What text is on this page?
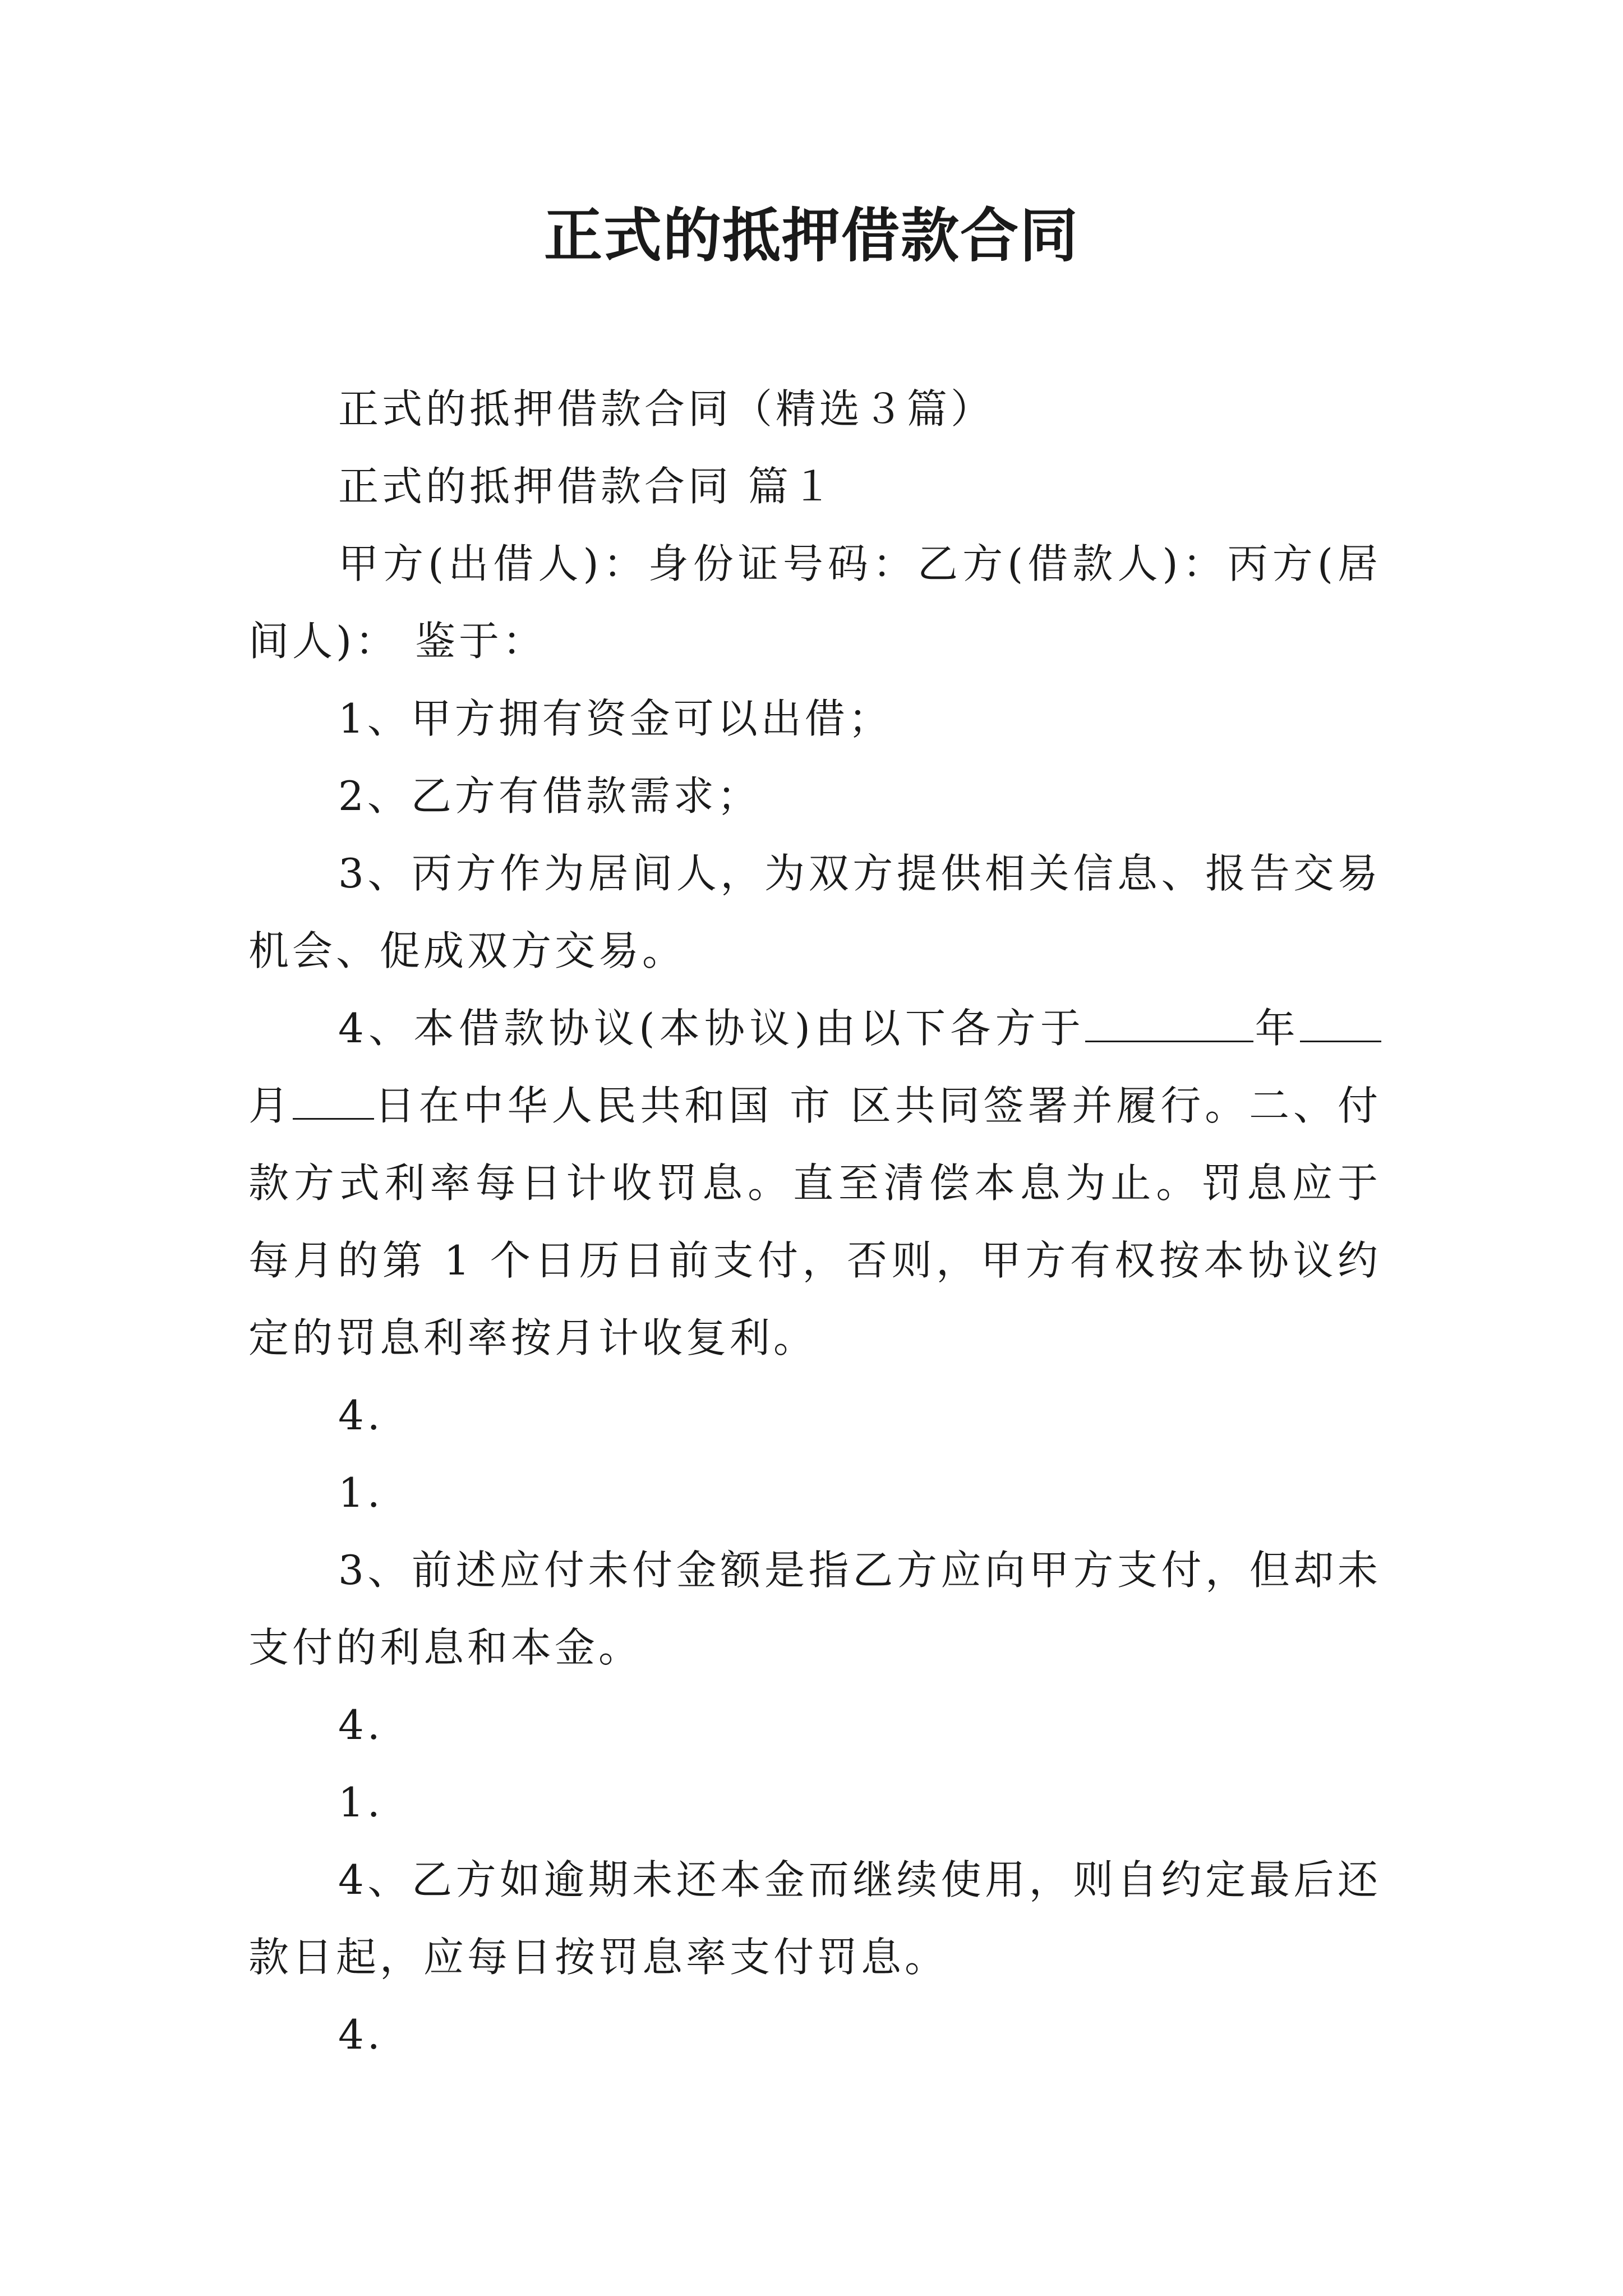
正式的抵押借款合同

正式的抵押借款合同（精选３篇）

正式的抵押借款合同 篇１

甲方(出借人)：身份证号码：乙方(借款人)：丙方(居间人)： 鉴于：

1、甲方拥有资金可以出借；

2、乙方有借款需求；

3、丙方作为居间人，为双方提供相关信息、报告交易机会、促成双方交易。

4、本借款协议(本协议)由以下各方于	年月 日在中华人民共和国 市 区共同签署并履行。二、付款方式利率每日计收罚息。直至清偿本息为止。罚息应于每月的第 1 个日历日前支付，否则，甲方有权按本协议约定的罚息利率按月计收复利。

4.

1.

3、前述应付未付金额是指乙方应向甲方支付，但却未支付的利息和本金。

4.

1.

4、乙方如逾期未还本金而继续使用，则自约定最后还款日起，应每日按罚息率支付罚息。

4.
